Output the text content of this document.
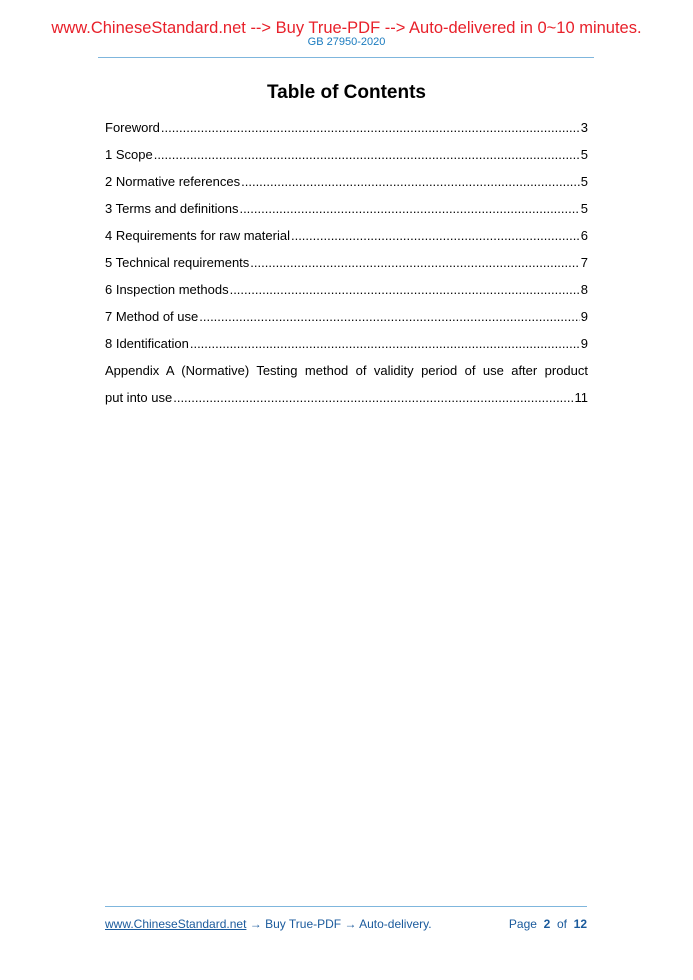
www.ChineseStandard.net --> Buy True-PDF --> Auto-delivered in 0~10 minutes.
GB 27950-2020
Table of Contents
Foreword .....	3
1 Scope .....	5
2 Normative references .....	5
3 Terms and definitions .....	5
4 Requirements for raw material .....	6
5 Technical requirements .....	7
6 Inspection methods .....	8
7 Method of use .....	9
8 Identification .....	9
Appendix A (Normative) Testing method of validity period of use after product
put into use .....	11
www.ChineseStandard.net → Buy True-PDF → Auto-delivery.	Page 2 of 12
